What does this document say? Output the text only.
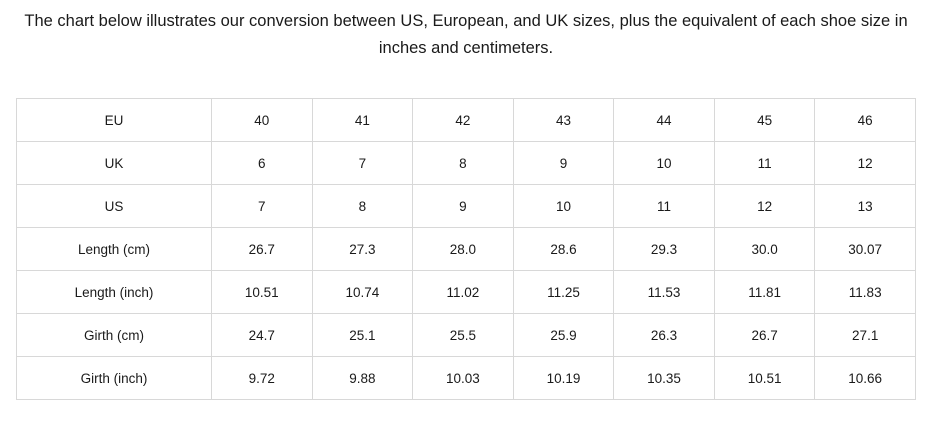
The chart below illustrates our conversion between US, European, and UK sizes, plus the equivalent of each shoe size in inches and centimeters.

EU	40	41	42	43	44	45	46
UK	6	7	8	9	10	11	12
US	7	8	9	10	11	12	13
Length (cm)	26.7	27.3	28.0	28.6	29.3	30.0	30.07
Length (inch)	10.51	10.74	11.02	11.25	11.53	11.81	11.83
Girth (cm)	24.7	25.1	25.5	25.9	26.3	26.7	27.1
Girth (inch)	9.72	9.88	10.03	10.19	10.35	10.51	10.66
